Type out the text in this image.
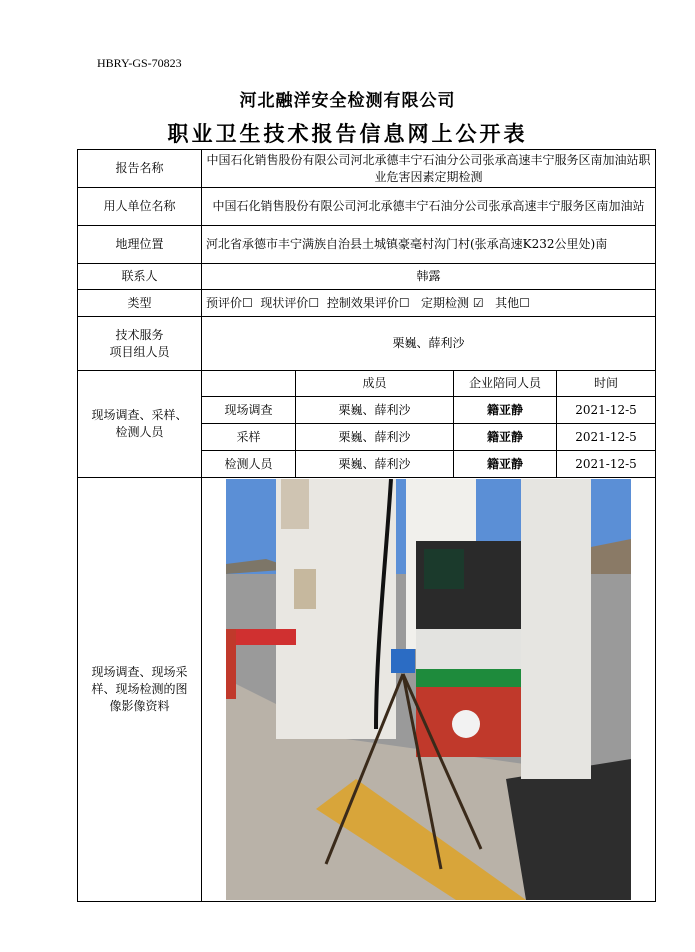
HBRY-GS-70823
河北融洋安全检测有限公司
职业卫生技术报告信息网上公开表
报告名称	中国石化销售股份有限公司河北承德丰宁石油分公司张承高速丰宁服务区南加油站职业危害因素定期检测			
用人单位名称	中国石化销售股份有限公司河北承德丰宁石油分公司张承高速丰宁服务区南加油站			
地理位置	河北省承德市丰宁满族自治县土城镇豪毫村沟门村(张承高速K232公里处)南			
联系人	韩露			
类型	预评价☐ 现状评价☐ 控制效果评价☐ 定期检测 ☑ 其他☐			

技术服务
项目组人员	栗巍、薛利沙			

现场调查、采样、
检测人员		成员	企业陪同人员	时间
	现场调查	栗巍、薛利沙	籍亚静	2021-12-5
	采样	栗巍、薛利沙	籍亚静	2021-12-5
	检测人员	栗巍、薛利沙	籍亚静	2021-12-5

现场调查、现场采
样、现场检测的图
像影像资料
